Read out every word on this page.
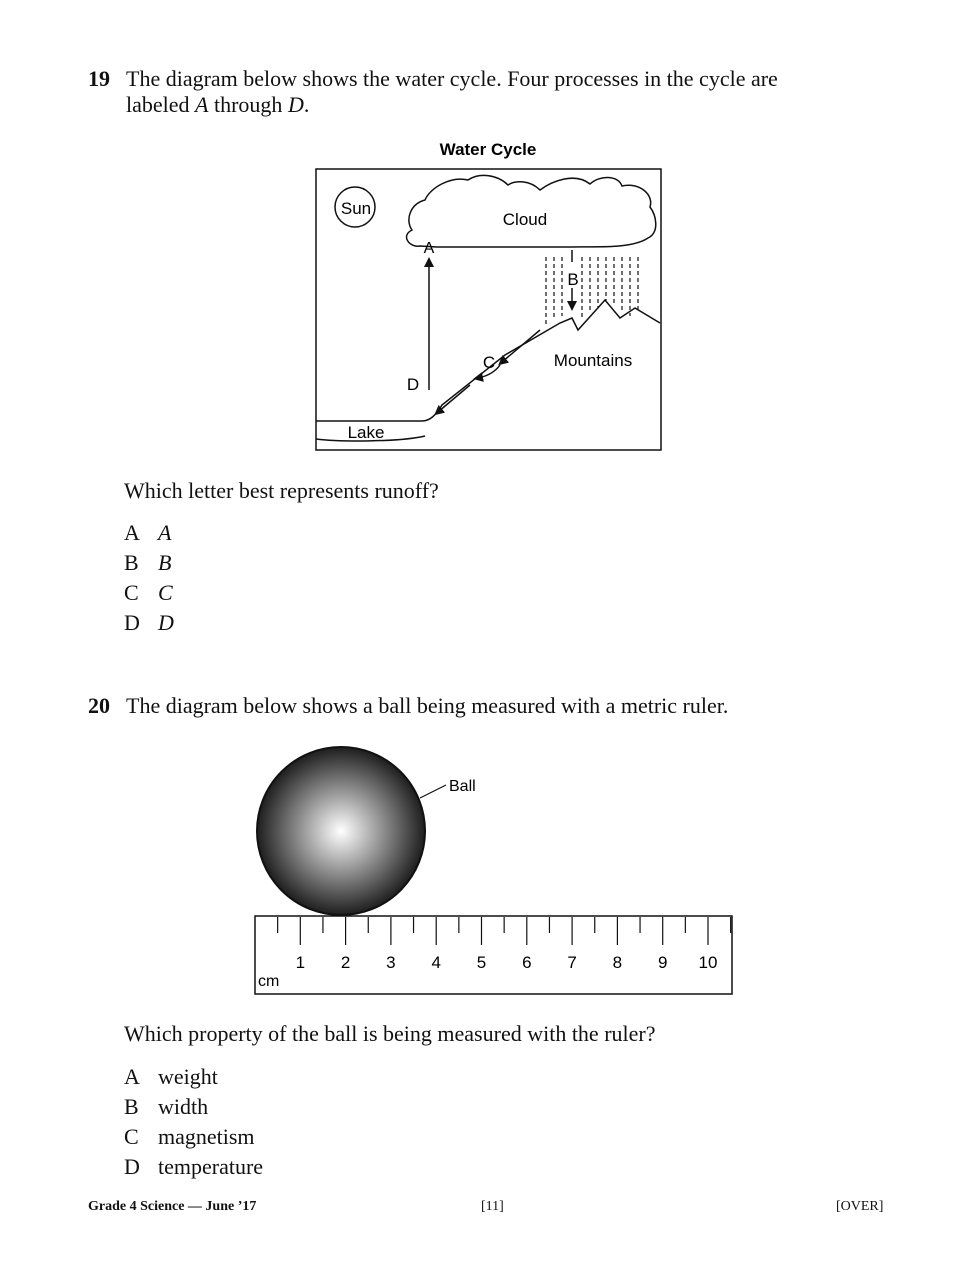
19 The diagram below shows the water cycle. Four processes in the cycle are
labeled A through D.
Water Cycle
Sun
Cloud
Mountains
Lake
A
D
B
C
Which letter best represents runoff?
A A
B B
C C
D D
20 The diagram below shows a ball being measured with a metric ruler.
Ball
1 2 3 4 5 6 7 8 9 10
cm
Which property of the ball is being measured with the ruler?
A weight
B width
C magnetism
D temperature
Grade 4 Science — June ’17	[11]	[OVER]
